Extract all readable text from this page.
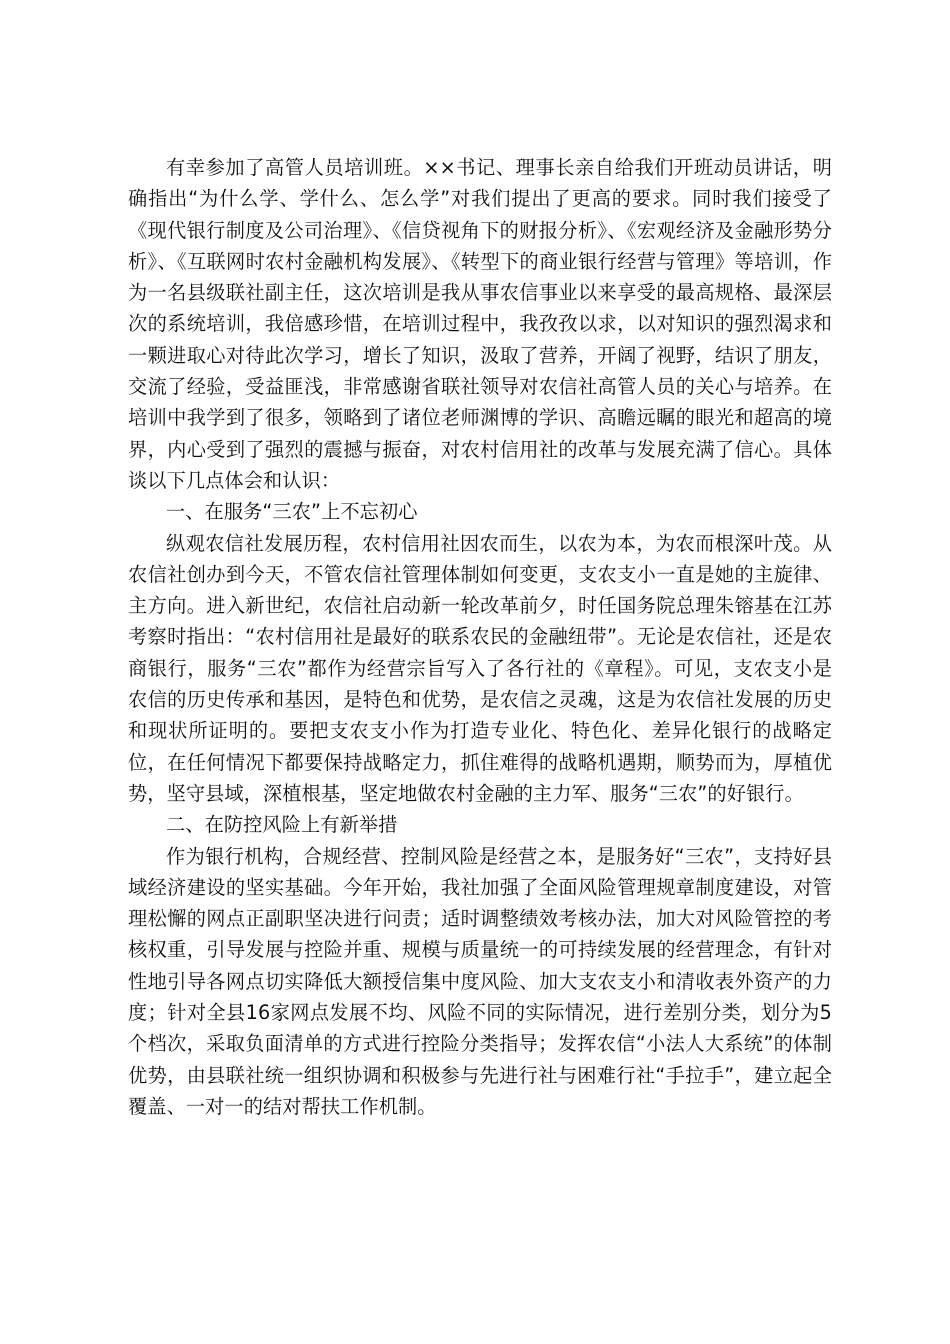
有幸参加了高管人员培训班。××书记、理事长亲自给我们开班动员讲话，明确指出“为什么学、学什么、怎么学”对我们提出了更高的要求。同时我们接受了《现代银行制度及公司治理》、《信贷视角下的财报分析》、《宏观经济及金融形势分析》、《互联网时农村金融机构发展》、《转型下的商业银行经营与管理》等培训，作为一名县级联社副主任，这次培训是我从事农信事业以来享受的最高规格、最深层次的系统培训，我倍感珍惜，在培训过程中，我孜孜以求，以对知识的强烈渴求和一颗进取心对待此次学习，增长了知识，汲取了营养，开阔了视野，结识了朋友，交流了经验，受益匪浅，非常感谢省联社领导对农信社高管人员的关心与培养。在培训中我学到了很多，领略到了诸位老师渊博的学识、高瞻远瞩的眼光和超高的境界，内心受到了强烈的震撼与振奋，对农村信用社的改革与发展充满了信心。具体谈以下几点体会和认识：

一、在服务“三农”上不忘初心

纵观农信社发展历程，农村信用社因农而生，以农为本，为农而根深叶茂。从农信社创办到今天，不管农信社管理体制如何变更，支农支小一直是她的主旋律、主方向。进入新世纪，农信社启动新一轮改革前夕，时任国务院总理朱镕基在江苏考察时指出：“农村信用社是最好的联系农民的金融纽带”。无论是农信社，还是农商银行，服务“三农”都作为经营宗旨写入了各行社的《章程》。可见，支农支小是农信的历史传承和基因，是特色和优势，是农信之灵魂，这是为农信社发展的历史和现状所证明的。要把支农支小作为打造专业化、特色化、差异化银行的战略定位，在任何情况下都要保持战略定力，抓住难得的战略机遇期，顺势而为，厚植优势，坚守县域，深植根基，坚定地做农村金融的主力军、服务“三农”的好银行。

二、在防控风险上有新举措

作为银行机构，合规经营、控制风险是经营之本，是服务好“三农”，支持好县域经济建设的坚实基础。今年开始，我社加强了全面风险管理规章制度建设，对管理松懈的网点正副职坚决进行问责；适时调整绩效考核办法，加大对风险管控的考核权重，引导发展与控险并重、规模与质量统一的可持续发展的经营理念，有针对性地引导各网点切实降低大额授信集中度风险、加大支农支小和清收表外资产的力度；针对全县16家网点发展不均、风险不同的实际情况，进行差别分类，划分为5个档次，采取负面清单的方式进行控险分类指导；发挥农信“小法人大系统”的体制优势，由县联社统一组织协调和积极参与先进行社与困难行社“手拉手”，建立起全覆盖、一对一的结对帮扶工作机制。
